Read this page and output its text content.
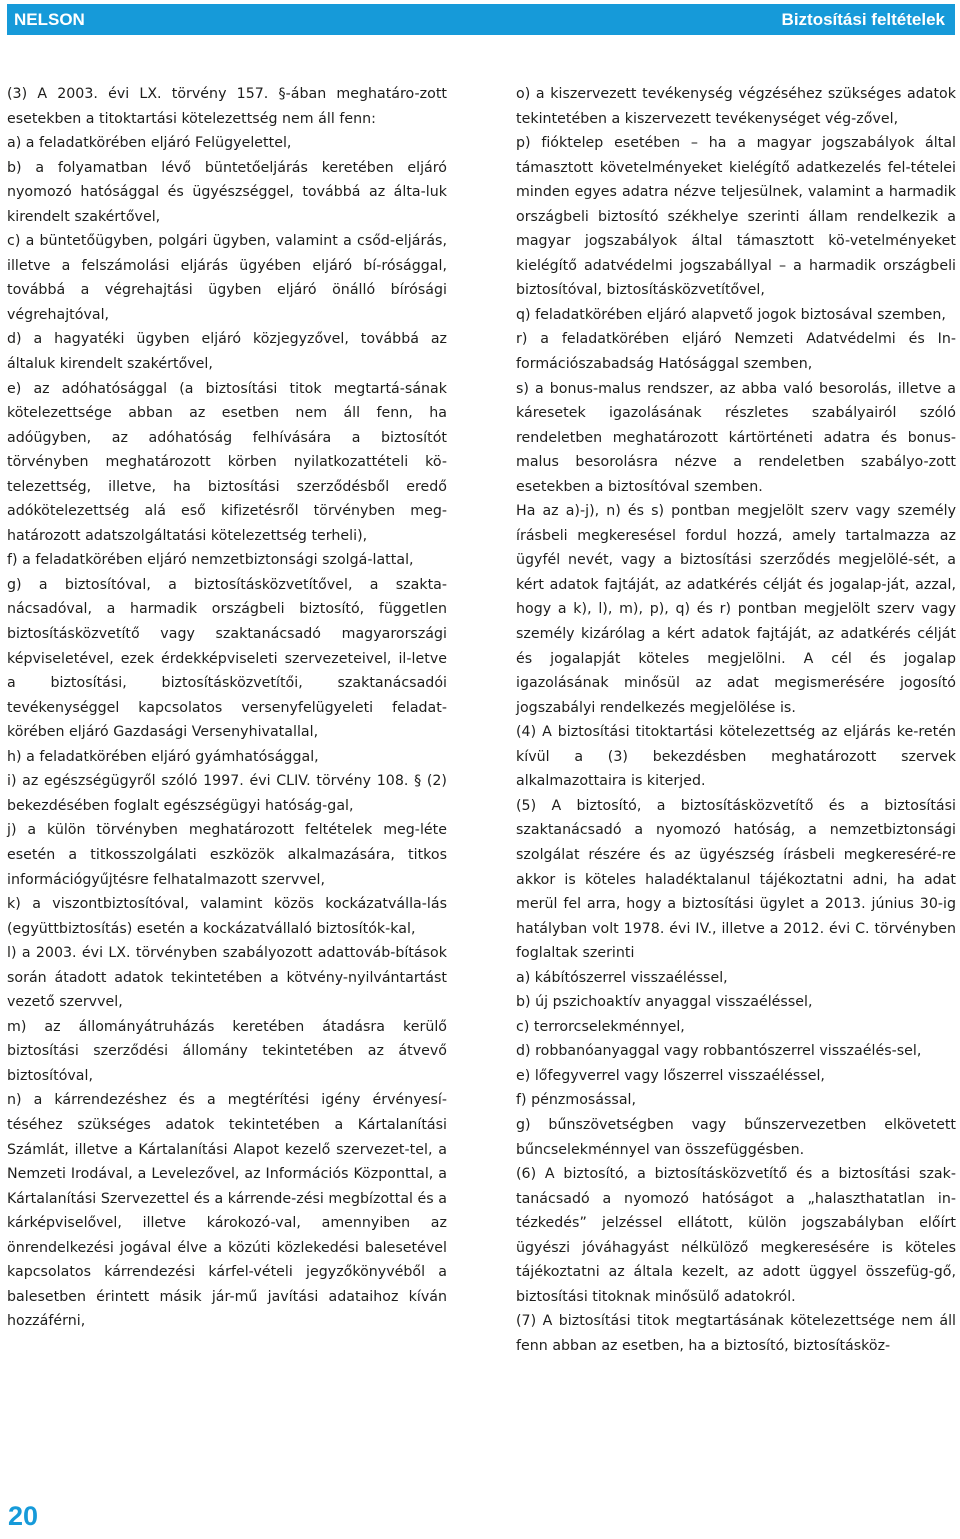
NELSON	Biztosítási feltételek

(3) A 2003. évi LX. törvény 157. §-ában meghatáro-zott esetekben a titoktartási kötelezettség nem áll fenn:

a) a feladatkörében eljáró Felügyelettel,

b) a folyamatban lévő büntetőeljárás keretében eljáró nyomozó hatósággal és ügyészséggel, továbbá az álta-luk kirendelt szakértővel,

c) a büntetőügyben, polgári ügyben, valamint a csőd-eljárás, illetve a felszámolási eljárás ügyében eljáró bí-rósággal, továbbá a végrehajtási ügyben eljáró önálló bírósági végrehajtóval,

d) a hagyatéki ügyben eljáró közjegyzővel, továbbá az általuk kirendelt szakértővel,

e) az adóhatósággal (a biztosítási titok megtartá-sának kötelezettsége abban az esetben nem áll fenn, ha adóügyben, az adóhatóság felhívására a biztosítót törvényben meghatározott körben nyilatkozattételi kö-telezettség, illetve, ha biztosítási szerződésből eredő adókötelezettség alá eső kifizetésről törvényben meg-határozott adatszolgáltatási kötelezettség terheli),

f) a feladatkörében eljáró nemzetbiztonsági szolgá-lattal,

g) a biztosítóval, a biztosításközvetítővel, a szakta-nácsadóval, a harmadik országbeli biztosító, független biztosításközvetítő vagy szaktanácsadó magyarországi képviseletével, ezek érdekképviseleti szervezeteivel, il-letve a biztosítási, biztosításközvetítői, szaktanácsadói tevékenységgel kapcsolatos versenyfelügyeleti feladat-körében eljáró Gazdasági Versenyhivatallal,

h) a feladatkörében eljáró gyámhatósággal,

i) az egészségügyről szóló 1997. évi CLIV. törvény 108. § (2) bekezdésében foglalt egészségügyi hatóság-gal,

j) a külön törvényben meghatározott feltételek meg-léte esetén a titkosszolgálati eszközök alkalmazására, titkos információgyűjtésre felhatalmazott szervvel,

k) a viszontbiztosítóval, valamint közös kockázatválla-lás (együttbiztosítás) esetén a kockázatvállaló biztosítók-kal,

l) a 2003. évi LX. törvényben szabályozott adattováb-bítások során átadott adatok tekintetében a kötvény-nyilvántartást vezető szervvel,

m) az állományátruházás keretében átadásra kerülő biztosítási szerződési állomány tekintetében az átvevő biztosítóval,

n) a kárrendezéshez és a megtérítési igény érvényesí-téséhez szükséges adatok tekintetében a Kártalanítási Számlát, illetve a Kártalanítási Alapot kezelő szervezet-tel, a Nemzeti Irodával, a Levelezővel, az Információs Központtal, a Kártalanítási Szervezettel és a kárrende-zési megbízottal és a kárképviselővel, illetve károkozó-val, amennyiben az önrendelkezési jogával élve a közúti közlekedési balesetével kapcsolatos kárrendezési kárfel-vételi jegyzőkönyvéből a balesetben érintett másik jár-mű javítási adataihoz kíván hozzáférni,

o) a kiszervezett tevékenység végzéséhez szükséges adatok tekintetében a kiszervezett tevékenységet vég-zővel,

p) fióktelep esetében – ha a magyar jogszabályok által támasztott követelményeket kielégítő adatkezelés fel-tételei minden egyes adatra nézve teljesülnek, valamint a harmadik országbeli biztosító székhelye szerinti állam rendelkezik a magyar jogszabályok által támasztott kö-vetelményeket kielégítő adatvédelmi jogszabállyal – a harmadik országbeli biztosítóval, biztosításközvetítővel,

q) feladatkörében eljáró alapvető jogok biztosával szemben,

r) a feladatkörében eljáró Nemzeti Adatvédelmi és In-formációszabadság Hatósággal szemben,

s) a bonus-malus rendszer, az abba való besorolás, illetve a káresetek igazolásának részletes szabályairól szóló rendeletben meghatározott kártörténeti adatra és bonus-malus besorolásra nézve a rendeletben szabályo-zott esetekben a biztosítóval szemben.

Ha az a)-j), n) és s) pontban megjelölt szerv vagy személy írásbeli megkeresésel fordul hozzá, amely tartalmazza az ügyfél nevét, vagy a biztosítási szerződés megjelölé-sét, a kért adatok fajtáját, az adatkérés célját és jogalap-ját, azzal, hogy a k), l), m), p), q) és r) pontban megjelölt szerv vagy személy kizárólag a kért adatok fajtáját, az adatkérés célját és jogalapját köteles megjelölni. A cél és jogalap igazolásának minősül az adat megismerésére jogosító jogszabályi rendelkezés megjelölése is.

(4) A biztosítási titoktartási kötelezettség az eljárás ke-retén kívül a (3) bekezdésben meghatározott szervek alkalmazottaira is kiterjed.

(5) A biztosító, a biztosításközvetítő és a biztosítási szaktanácsadó a nyomozó hatóság, a nemzetbiztonsági szolgálat részére és az ügyészség írásbeli megkereséré-re akkor is köteles haladéktalanul tájékoztatni adni, ha adat merül fel arra, hogy a biztosítási ügylet a 2013. június 30-ig hatályban volt 1978. évi IV., illetve a 2012. évi C. törvényben foglaltak szerinti

a) kábítószerrel visszaéléssel,

b) új pszichoaktív anyaggal visszaéléssel,

c) terrorcselekménnyel,

d) robbanóanyaggal vagy robbantószerrel visszaélés-sel,

e) lőfegyverrel vagy lőszerrel visszaéléssel,

f) pénzmosással,

g) bűnszövetségben vagy bűnszervezetben elkövetett bűncselekménnyel van összefüggésben.

(6) A biztosító, a biztosításközvetítő és a biztosítási szak-tanácsadó a nyomozó hatóságot a „halaszthatatlan in-tézkedés” jelzéssel ellátott, külön jogszabályban előírt ügyészi jóváhagyást nélkülöző megkeresésére is köteles tájékoztatni az általa kezelt, az adott üggyel összefüg-gő, biztosítási titoknak minősülő adatokról.

(7) A biztosítási titok megtartásának kötelezettsége nem áll fenn abban az esetben, ha a biztosító, biztosításköz-

20
